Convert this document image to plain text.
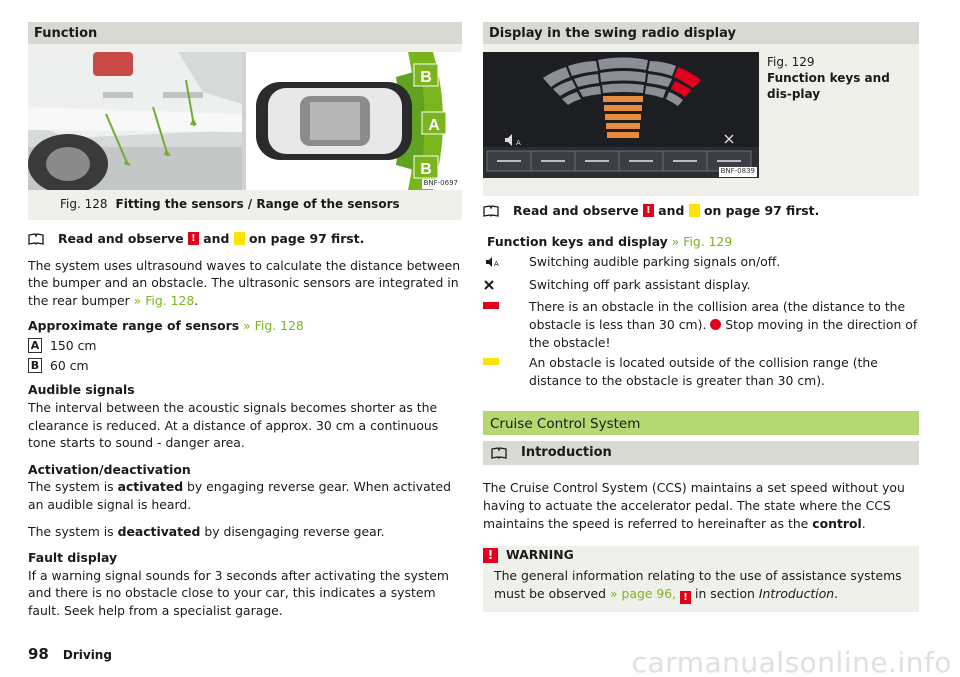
Function
B
A
B
BNF-0697
Fig. 128 Fitting the sensors / Range of the sensors
Read and observe
!
and

on page 97 first.

The system uses ultrasound waves to calculate the distance between the bumper and an obstacle. The ultrasonic sensors are integrated in the rear bumper » Fig. 128.

Approximate range of sensors » Fig. 128

A 150 cm
B 60 cm

Audible signals
The interval between the acoustic signals becomes shorter as the clearance is reduced. At a distance of approx. 30 cm a continuous tone starts to sound - danger area.

Activation/deactivation
The system is activated by engaging reverse gear. When activated an audible signal is heard.

The system is deactivated by disengaging reverse gear.

Fault display
If a warning signal sounds for 3 seconds after activating the system and there is no obstacle close to your car, this indicates a system fault. Seek help from a specialist garage.

Display in the swing radio display
A
BNF-0839
Fig. 129
Function keys and dis-play
Read and observe
!
and

on page 97 first.

Function keys and display » Fig. 129

A Switching audible parking signals on/off.
Switching off park assistant display.
There is an obstacle in the collision area (the distance to the obstacle is less than 30 cm). Stop moving in the direction of the obstacle!
An obstacle is located outside of the collision range (the distance to the obstacle is greater than 30 cm).
Cruise Control System
Introduction

The Cruise Control System (CCS) maintains a set speed without you having to actuate the accelerator pedal. The state where the CCS maintains the speed is referred to hereinafter as the control.

!	WARNING
The general information relating to the use of assistance systems must be observed » page 96, ! in section Introduction.
98 Driving	carmanualsonline.info
